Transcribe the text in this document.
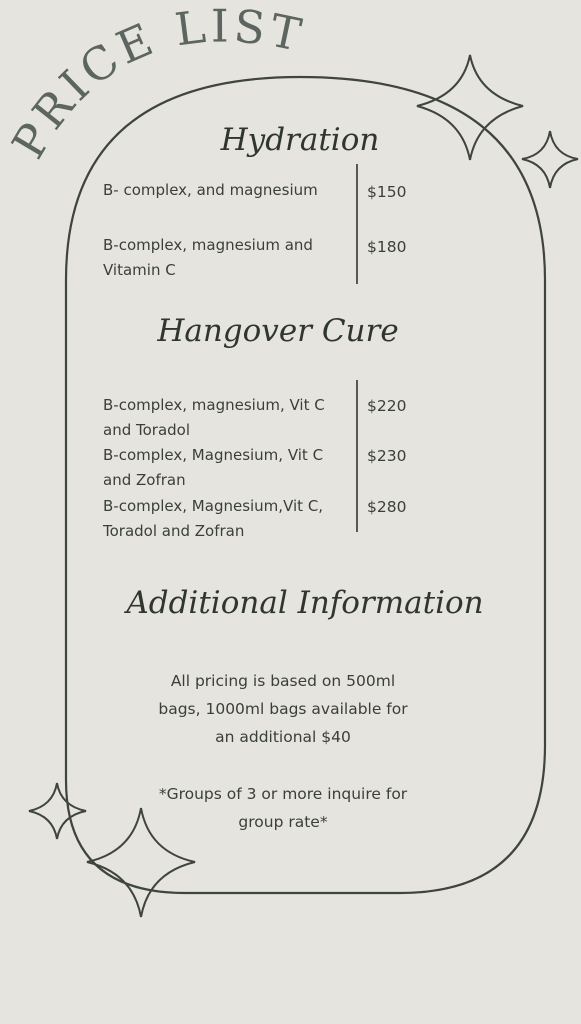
PRICE LIST
Hydration
B- complex, and magnesium	$150
B-complex, magnesium and Vitamin C
$180
Hangover Cure
B-complex, magnesium, Vit C and Toradol
$220
B-complex, Magnesium, Vit C and Zofran
$230
B-complex, Magnesium,Vit C, Toradol and Zofran
$280
Additional Information
All pricing is based on 500ml bags, 1000ml bags available for an additional $40
*Groups of 3 or more inquire for group rate*
